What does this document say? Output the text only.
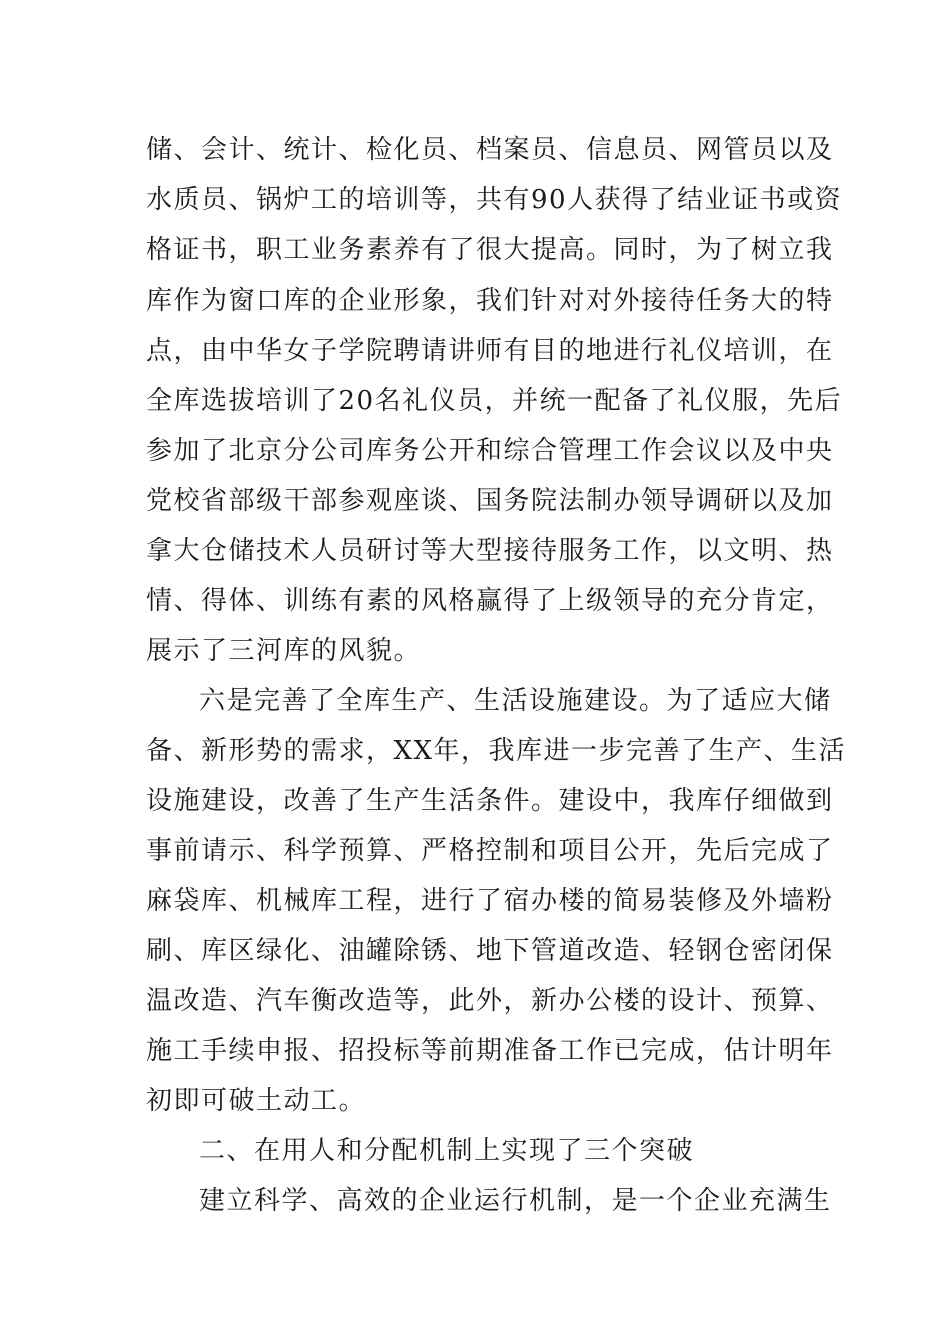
储、会计、统计、检化员、档案员、信息员、网管员以及
水质员、锅炉工的培训等，共有90人获得了结业证书或资
格证书，职工业务素养有了很大提高。同时，为了树立我
库作为窗口库的企业形象，我们针对对外接待任务大的特
点，由中华女子学院聘请讲师有目的地进行礼仪培训，在
全库选拔培训了20名礼仪员，并统一配备了礼仪服，先后
参加了北京分公司库务公开和综合管理工作会议以及中央
党校省部级干部参观座谈、国务院法制办领导调研以及加
拿大仓储技术人员研讨等大型接待服务工作，以文明、热
情、得体、训练有素的风格赢得了上级领导的充分肯定，
展示了三河库的风貌。
六是完善了全库生产、生活设施建设。为了适应大储
备、新形势的需求，XX年，我库进一步完善了生产、生活
设施建设，改善了生产生活条件。建设中，我库仔细做到
事前请示、科学预算、严格控制和项目公开，先后完成了
麻袋库、机械库工程，进行了宿办楼的简易装修及外墙粉
刷、库区绿化、油罐除锈、地下管道改造、轻钢仓密闭保
温改造、汽车衡改造等，此外，新办公楼的设计、预算、
施工手续申报、招投标等前期准备工作已完成，估计明年
初即可破土动工。
二、在用人和分配机制上实现了三个突破
建立科学、高效的企业运行机制，是一个企业充满生
